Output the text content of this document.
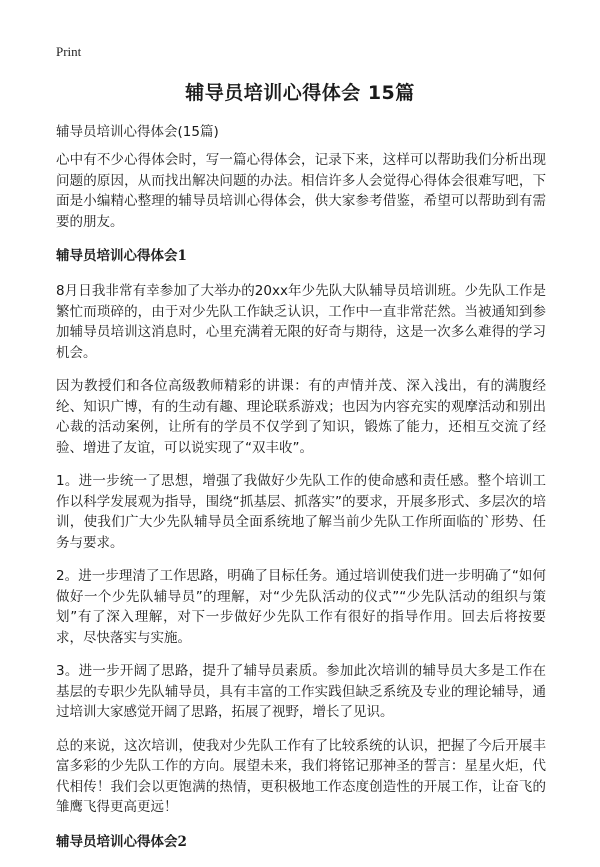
Print
辅导员培训心得体会 15篇

辅导员培训心得体会(15篇)

心中有不少心得体会时，写一篇心得体会，记录下来，这样可以帮助我们分析出现问题的原因，从而找出解决问题的办法。相信许多人会觉得心得体会很难写吧，下面是小编精心整理的辅导员培训心得体会，供大家参考借鉴，希望可以帮助到有需要的朋友。

辅导员培训心得体会1

8月日我非常有幸参加了大举办的20xx年少先队大队辅导员培训班。少先队工作是繁忙而琐碎的，由于对少先队工作缺乏认识，工作中一直非常茫然。当被通知到参加辅导员培训这消息时，心里充满着无限的好奇与期待，这是一次多么难得的学习机会。

因为教授们和各位高级教师精彩的讲课：有的声情并茂、深入浅出，有的满腹经纶、知识广博，有的生动有趣、理论联系游戏；也因为内容充实的观摩活动和别出心裁的活动案例，让所有的学员不仅学到了知识，锻炼了能力，还相互交流了经验、增进了友谊，可以说实现了“双丰收”。

1。进一步统一了思想，增强了我做好少先队工作的使命感和责任感。整个培训工作以科学发展观为指导，围绕“抓基层、抓落实”的要求，开展多形式、多层次的培训，使我们广大少先队辅导员全面系统地了解当前少先队工作所面临的`形势、任务与要求。

2。进一步理清了工作思路，明确了目标任务。通过培训使我们进一步明确了“如何做好一个少先队辅导员”的理解，对“少先队活动的仪式”“少先队活动的组织与策划”有了深入理解，对下一步做好少先队工作有很好的指导作用。回去后将按要求，尽快落实与实施。

3。进一步开阔了思路，提升了辅导员素质。参加此次培训的辅导员大多是工作在基层的专职少先队辅导员，具有丰富的工作实践但缺乏系统及专业的理论辅导，通过培训大家感觉开阔了思路，拓展了视野，增长了见识。

总的来说，这次培训，使我对少先队工作有了比较系统的认识，把握了今后开展丰富多彩的少先队工作的方向。展望未来，我们将铭记那神圣的誓言：星星火炬，代代相传！我们会以更饱满的热情，更积极地工作态度创造性的开展工作，让奋飞的雏鹰飞得更高更远！

辅导员培训心得体会2
